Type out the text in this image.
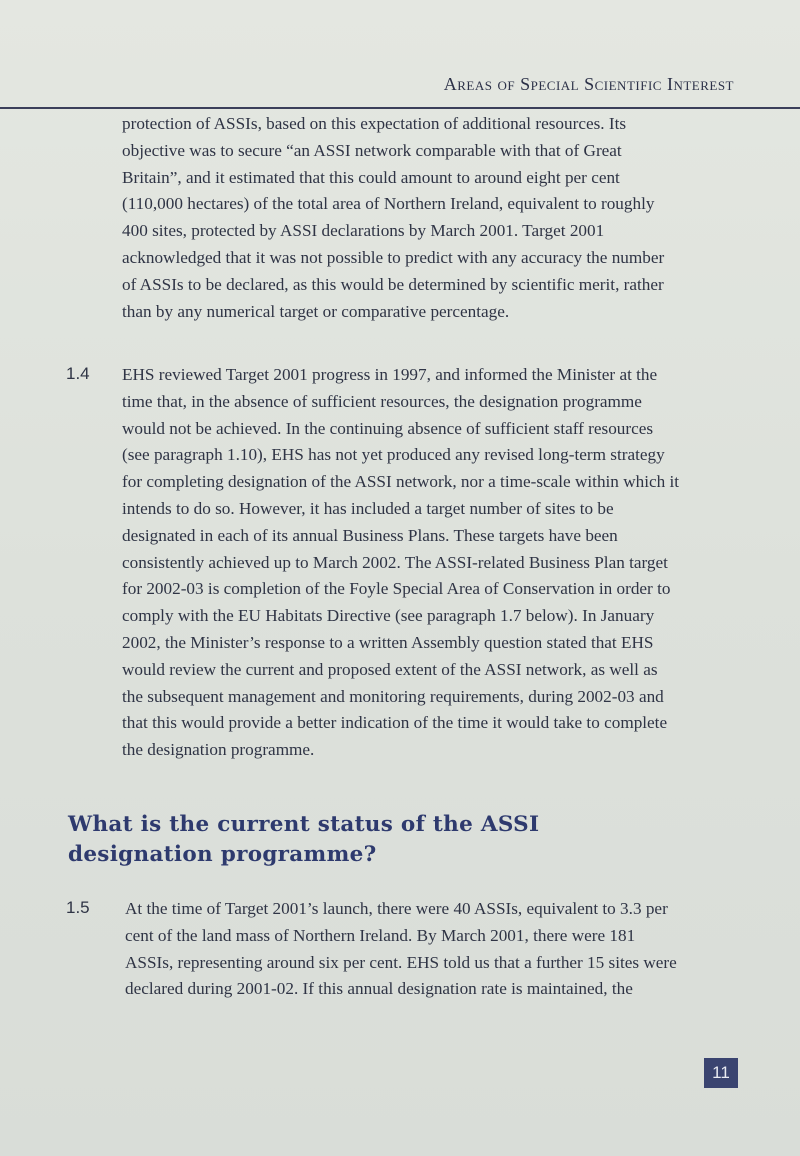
Areas of Special Scientific Interest
protection of ASSIs, based on this expectation of additional resources. Its objective was to secure “an ASSI network comparable with that of Great Britain”, and it estimated that this could amount to around eight per cent (110,000 hectares) of the total area of Northern Ireland, equivalent to roughly 400 sites, protected by ASSI declarations by March 2001. Target 2001 acknowledged that it was not possible to predict with any accuracy the number of ASSIs to be declared, as this would be determined by scientific merit, rather than by any numerical target or comparative percentage.
1.4 EHS reviewed Target 2001 progress in 1997, and informed the Minister at the time that, in the absence of sufficient resources, the designation programme would not be achieved. In the continuing absence of sufficient staff resources (see paragraph 1.10), EHS has not yet produced any revised long-term strategy for completing designation of the ASSI network, nor a time-scale within which it intends to do so. However, it has included a target number of sites to be designated in each of its annual Business Plans. These targets have been consistently achieved up to March 2002. The ASSI-related Business Plan target for 2002-03 is completion of the Foyle Special Area of Conservation in order to comply with the EU Habitats Directive (see paragraph 1.7 below). In January 2002, the Minister’s response to a written Assembly question stated that EHS would review the current and proposed extent of the ASSI network, as well as the subsequent management and monitoring requirements, during 2002-03 and that this would provide a better indication of the time it would take to complete the designation programme.
What is the current status of the ASSI designation programme?
1.5 At the time of Target 2001’s launch, there were 40 ASSIs, equivalent to 3.3 per cent of the land mass of Northern Ireland. By March 2001, there were 181 ASSIs, representing around six per cent. EHS told us that a further 15 sites were declared during 2001-02. If this annual designation rate is maintained, the
11
